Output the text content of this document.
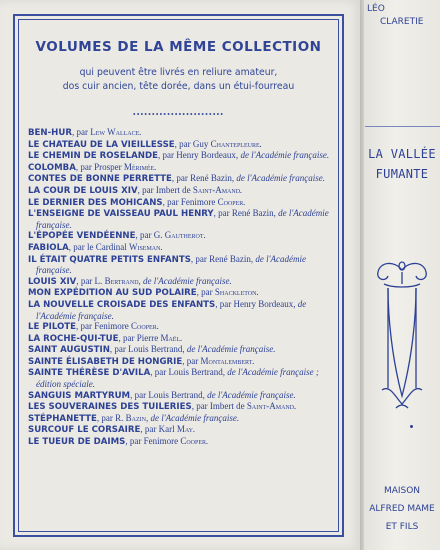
VOLUMES DE LA MÊME COLLECTION
qui peuvent être livrés en reliure amateur,
dos cuir ancien, tête dorée, dans un étui-fourreau
••••••••••••••••••••••••
BEN-HUR, par Lew Wallace.
LE CHATEAU DE LA VIEILLESSE, par Guy Chantepleure.
LE CHEMIN DE ROSELANDE, par Henry Bordeaux, de l'Académie française.
COLOMBA, par Prosper Mérimée.
CONTES DE BONNE PERRETTE, par René Bazin, de l'Académie française.
LA COUR DE LOUIS XIV, par Imbert de Saint-Amand.
LE DERNIER DES MOHICANS, par Fenimore Cooper.
L'ENSEIGNE DE VAISSEAU PAUL HENRY, par René Bazin, de l'Académie française.
L'ÉPOPÉE VENDÉENNE, par G. Gautherot.
FABIOLA, par le Cardinal Wiseman.
IL ÉTAIT QUATRE PETITS ENFANTS, par René Bazin, de l'Académie française.
LOUIS XIV, par L. Bertrand, de l'Académie française.
MON EXPÉDITION AU SUD POLAIRE, par Shackleton.
LA NOUVELLE CROISADE DES ENFANTS, par Henry Bordeaux, de l'Académie française.
LE PILOTE, par Fenimore Cooper.
LA ROCHE-QUI-TUE, par Pierre Maël.
SAINT AUGUSTIN, par Louis Bertrand, de l'Académie française.
SAINTE ÉLISABETH DE HONGRIE, par Montalembert.
SAINTE THÉRÈSE D'AVILA, par Louis Bertrand, de l'Académie française ; édition spéciale.
SANGUIS MARTYRUM, par Louis Bertrand, de l'Académie française.
LES SOUVERAINES DES TUILERIES, par Imbert de Saint-Amand.
STÉPHANETTE, par R. Bazin, de l'Académie française.
SURCOUF LE CORSAIRE, par Karl May.
LE TUEUR DE DAIMS, par Fenimore Cooper.
LÉO
CLARETIE
LA VALLÉE
FUMANTE
MAISON
ALFRED MAME
ET FILS
